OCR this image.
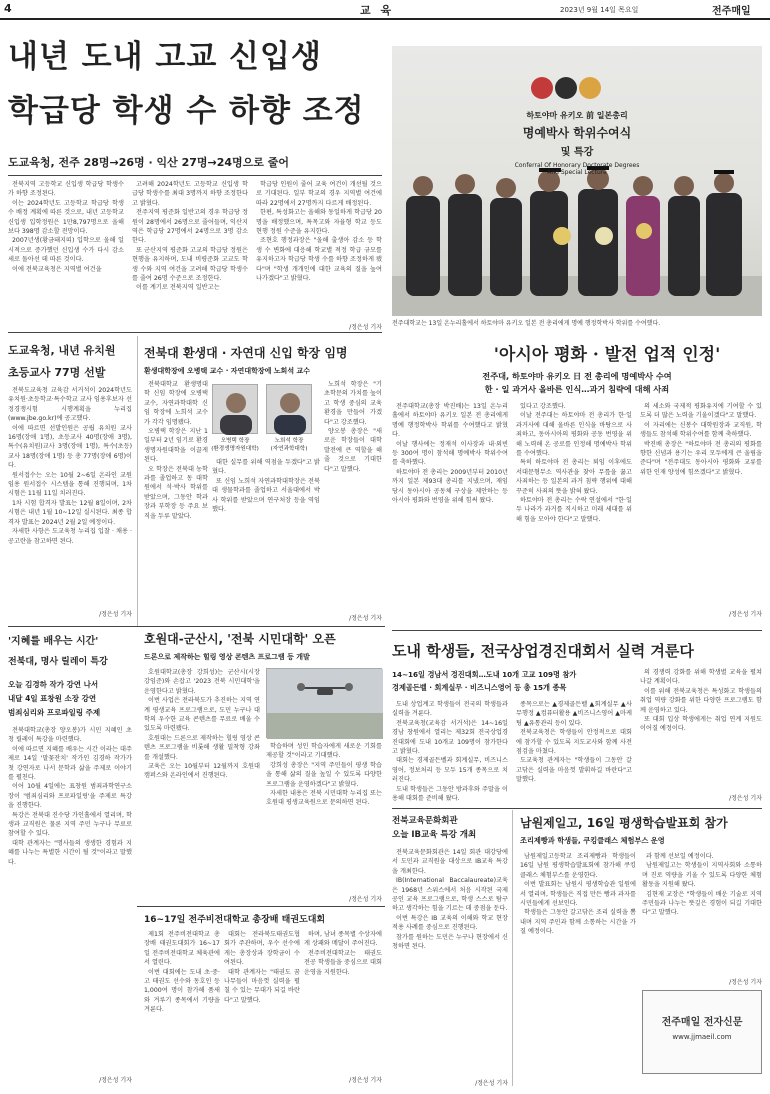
4	교 육	2023년 9월 14일 목요일	전주매일
내년 도내 고교 신입생
학급당 학생 수 하향 조정
도교육청, 전주 28명→26명 · 익산 27명→24명으로 줄어

전북지역 고등학교 신입생 학급당 학생수가 하향 조정된다.

이는 2024학년도 고등학교 학급당 학생 수 배정 계획에 따른 것으로, 내년 고등학교 신입생 입학정원은 1만8,797명으로 올해보다 398명 감소할 전망이다.

2007년생(황금돼지띠) 입학으로 올해 일시적으로 증가했던 신입생 수가 다시 감소세로 돌아선 데 따른 것이다.

이에 전북교육청은 지역별 여건을

고려해 2024학년도 고등학교 신입생 학급당 학생수를 최대 3명까지 하향 조정한다고 밝혔다.

전주지역 평준화 일반고의 경우 학급당 정원이 28명에서 26명으로 줄어들며, 익산지역은 학급당 27명에서 24명으로 3명 감소한다.

또 군산지역 평준화 고교의 학급당 정원은 현행을 유지하며, 도내 비평준화 고교도 학생 수와 지역 여건을 고려해 학급당 학생수를 줄여 26명 수준으로 조정한다.

이를 계기로 전북지역 일반고는

학급당 인원이 줄어 교육 여건이 개선될 것으로 기대된다. 일부 학교의 경우 지역별 여건에 따라 22명에서 27명까지 다르게 배정된다.

한편, 특성화고는 올해와 동일하게 학급당 20명을 배정했으며, 특목고와 자율형 학교 등도 현행 정원 수준을 유지한다.

조현호 행정과장은 "올해 출생아 감소 등 학생 수 변화에 대응해 학교별 적정 학급 규모를 유지하고자 학급당 학생 수를 하향 조정하게 됐다"며 "학생 개개인에 대한 교육의 질을 높여 나가겠다"고 밝혔다.

/정은성 기자
하토야마 유키오 前 일본총리
명예박사 학위수여식
및 특강
Conferral Of Honorary Doctorate Degrees
And Special Lecture
전주대학교는 13일 온누리홀에서 하토야마 유키오 일본 전 총리에게 명예 행정학박사 학위를 수여했다.
'아시아 평화 · 발전 업적 인정'
전주대, 하토야마 유키오 日 전 총리에 명예박사 수여
한 · 일 과거사 올바른 인식…과거 침략에 대해 사죄

전주대학교(총장 박진배)는 13일 온누리홀에서 하토야마 유키오 일본 전 총리에게 명예 행정학박사 학위를 수여했다고 밝혔다.

이날 행사에는 정재석 이사장과 내·외빈 등 300여 명이 참석해 명예박사 학위수여를 축하했다.

하토야마 전 총리는 2009년부터 2010년까지 일본 제93대 총리를 지냈으며, 재임 당시 동아시아 공동체 구상을 제안하는 등 아시아 평화와 번영을 위해 힘써 왔다.

있다고 강조했다.

이날 전주대는 하토야마 전 총리가 한·일 과거사에 대해 올바른 인식을 바탕으로 사죄하고, 동아시아의 평화와 공동 번영을 위해 노력해 온 공로를 인정해 명예박사 학위를 수여했다.

특히 하토야마 전 총리는 퇴임 이후에도 서대문형무소 역사관을 찾아 무릎을 꿇고 사죄하는 등 일본의 과거 침략 행위에 대해 꾸준히 사죄의 뜻을 밝혀 왔다.

하토야마 전 총리는 수락 연설에서 "한·일 두 나라가 과거를 직시하고 미래 세대를 위해 힘을 모아야 한다"고 말했다.

의 세소와 국제적 평화유지에 기여할 수 있도록 더 많은 노력을 기울이겠다"고 말했다.

이 자리에는 신봉수 대학원장과 교직원, 학생들도 참석해 학위수여를 함께 축하했다.

박진배 총장은 "하토야마 전 총리의 평화를 향한 신념과 용기는 우리 모두에게 큰 울림을 준다"며 "전주대도 동아시아 평화와 교류를 위한 인재 양성에 힘쓰겠다"고 밝혔다.

/정은성 기자
도교육청, 내년 유치원
초등교사 77명 선발

전북도교육청 교육감 서거석이 2024학년도 유치원·초등학교·특수학교 교사 임용후보자 선정경쟁시험 시행계획을 누리집(www.jbe.go.kr)에 공고했다.

이에 따르면 선발인원은 공립 유치원 교사 16명(장애 1명), 초등교사 40명(장애 3명), 특수(유치원)교사 3명(장애 1명), 특수(초등)교사 18명(장애 1명) 등 총 77명(장애 6명)이다.

원서접수는 오는 10월 2~6일 온라인 교원임용 원서접수 시스템을 통해 진행되며, 1차 시험은 11월 11일 치러진다.

1차 시험 합격자 발표는 12월 8일이며, 2차 시험은 내년 1월 10~12일 실시된다. 최종 합격자 발표는 2024년 2월 2일 예정이다.

자세한 사항은 도교육청 누리집 입찰 · 채용 · 공고란을 참고하면 된다.

/정은성 기자
전북대 환생대 · 자연대 신입 학장 임명
환생대학장에 오병택 교수 · 자연대학장에 노희석 교수

전북대학교 환생명대학 신임 학장에 오병택 교수, 자연과학대학 신임 학장에 노희석 교수가 각각 임명됐다.

오병택 학장은 지난 1일부터 2년 임기로 환경생명자원대학을 이끌게 된다.

오 학장은 전북대 농학과를 졸업하고 동 대학원에서 석·박사 학위를 받았으며, 그동안 학과장과 부학장 등 주요 보직을 두루 맡았다.

오병택 학장
(환경생명자원대학)
노희석 학장
(자연과학대학)

대한 실무를 위해 역점을 두겠다"고 밝혔다.

또 신임 노희석 자연과학대학장은 전북대 생물학과를 졸업하고 서울대에서 박사 학위를 받았으며 연구처장 등을 역임했다.

노희석 학장은 "기초학문의 가치를 높이고 학생 중심의 교육 환경을 만들어 가겠다"고 강조했다.

양오봉 총장은 "새로운 학장들이 대학 발전에 큰 역할을 해 줄 것으로 기대한다"고 말했다.

/정은성 기자
호원대-군산시, '전북 시민대학' 오픈
드론으로 제작하는 힐링 영상 콘텐츠 프로그램 등 개발

호원대학교(총장 강희성)는 군산시(시장 강임준)와 손잡고 '2023 전북 시민대학'을 운영한다고 밝혔다.

이번 사업은 전라북도가 추진하는 지역 연계 평생교육 프로그램으로, 도민 누구나 대학의 우수한 교육 콘텐츠를 무료로 배울 수 있도록 마련됐다.

호원대는 드론으로 제작하는 힐링 영상 콘텐츠 프로그램을 비롯해 생활 밀착형 강좌를 개설했다.

교육은 오는 10월부터 12월까지 호원대 캠퍼스와 온라인에서 진행된다.

학습하며 성인 학습자에게 새로운 기회를 제공할 것"이라고 기대했다.

강희성 총장은 "지역 주민들이 평생 학습을 통해 삶의 질을 높일 수 있도록 다양한 프로그램을 운영하겠다"고 밝혔다.

자세한 내용은 전북 시민대학 누리집 또는 호원대 평생교육원으로 문의하면 된다.

/정은성 기자
16~17일 전주비전대학교 총장배 태권도대회

제1회 전주비전대학교 총장배 태권도대회가 16~17일 전주비전대학교 체육관에서 열린다.

이번 대회에는 도내 초·중·고 태권도 선수와 동호인 등 1,000여 명이 참가해 품새와 겨루기 종목에서 기량을 겨룬다.

대회는 전라북도태권도협회가 주관하며, 우수 선수에게는 총장상과 장학금이 수여된다.

대학 관계자는 "태권도 꿈나무들이 마음껏 실력을 펼칠 수 있는 무대가 되길 바란다"고 말했다.

하며, 남녀 종목별 수상자에게 상패와 메달이 주어진다.

전주비전대학교는 태권도 전공 학생들을 중심으로 대회 운영을 지원한다.

/정은성 기자
'지혜를 배우는 시간'
전북대, 명사 릴레이 특강
오늘 김경하 작가 강연 나서
내달 4일 표창원 소장 강연
범죄심리와 프로파일링 주제

전북대학교(총장 양오봉)가 시민 지혜인 초청 릴레이 특강을 마련했다.

이에 따르면 지혜를 배우는 시간 이라는 대주제로 14일 '말꽃잔치' 작가인 김경하 작가가 첫 강연자로 나서 문학과 삶을 주제로 이야기를 펼친다.

이어 10월 4일에는 표창원 범죄과학연구소장이 '범죄심리와 프로파일링'을 주제로 특강을 진행한다.

특강은 전북대 진수당 가인홀에서 열리며, 학생과 교직원은 물론 지역 주민 누구나 무료로 참여할 수 있다.

대학 관계자는 "명사들의 생생한 경험과 지혜를 나누는 특별한 시간이 될 것"이라고 말했다.

/정은성 기자
도내 학생들, 전국상업경진대회서 실력 겨룬다
14~16일 경남서 경진대회…도내 10개 고교 109명 참가
경제골든벨 · 회계실무 · 비즈니스영어 등 총 15개 종목

도내 상업계고 학생들이 전국의 학생들과 실력을 겨룬다.

전북교육청(교육감 서거석)은 14~16일 경남 창원에서 열리는 제32회 전국상업경진대회에 도내 10개교 109명이 참가한다고 밝혔다.

대회는 경제골든벨과 회계실무, 비즈니스영어, 정보처리 등 모두 15개 종목으로 치러진다.

도내 학생들은 그동안 방과후와 주말을 이용해 대회를 준비해 왔다.

종목으로는 ▲경제골든벨 ▲회계실무 ▲사무행정 ▲컴퓨터활용 ▲비즈니스영어 ▲마케팅 ▲유통관리 등이 있다.

전북교육청은 학생들이 안정적으로 대회에 참가할 수 있도록 지도교사와 함께 사전 점검을 마쳤다.

도교육청 관계자는 "학생들이 그동안 갈고닦은 실력을 마음껏 발휘하길 바란다"고 말했다.

의 경쟁력 강화를 위해 학생별 교육을 펼쳐 나갈 계획이다.

이를 위해 전북교육청은 특성화고 학생들의 취업 역량 강화를 위한 다양한 프로그램도 함께 운영하고 있다.

또 대회 입상 학생에게는 취업 연계 지원도 이어질 예정이다.

/정은성 기자
전북교육문화회관
오늘 IB교육 특강 개최

전북교육문화회관은 14일 회관 대강당에서 도민과 교직원을 대상으로 IB교육 특강을 개최한다.

IB(International Baccalaureate)교육은 1968년 스위스에서 처음 시작된 국제 공인 교육 프로그램으로, 학생 스스로 탐구하고 생각하는 힘을 기르는 데 중점을 둔다.

이번 특강은 IB 교육의 이해와 학교 현장 적용 사례를 중심으로 진행된다.

참가를 원하는 도민은 누구나 현장에서 신청하면 된다.

/정은성 기자
남원제일고, 16일 평생학습발표회 참가
조리제빵과 학생들, 쿠킹클래스 체험부스 운영

남원제일고등학교 조리제빵과 학생들이 16일 남원 평생학습발표회에 참가해 쿠킹클래스 체험부스를 운영한다.

이번 발표회는 남원시 평생학습관 일원에서 열리며, 학생들은 직접 만든 빵과 과자를 시민들에게 선보인다.

학생들은 그동안 갈고닦은 조리 실력을 뽐내며 지역 주민과 함께 소통하는 시간을 가질 예정이다.

과 함께 선보일 예정이다.

남원제일고는 학생들이 지역사회와 소통하며 진로 역량을 키울 수 있도록 다양한 체험 활동을 지원해 왔다.

김현재 교장은 "학생들이 배운 기술로 지역 주민들과 나누는 뜻깊은 경험이 되길 기대한다"고 말했다.

/정은성 기자
전주매일 전자신문
www.jjmaeil.com
